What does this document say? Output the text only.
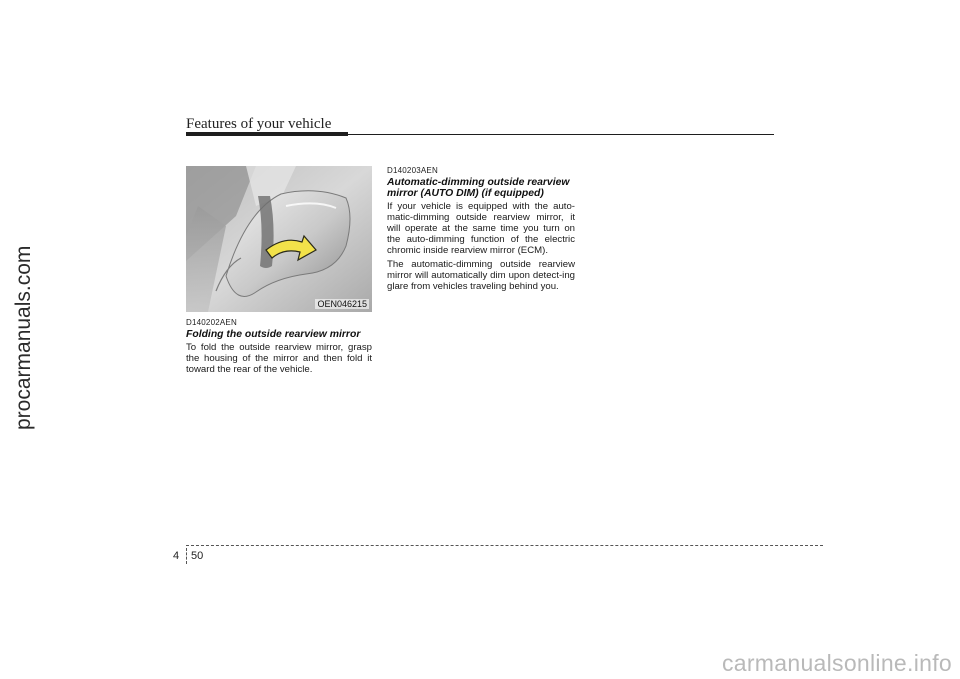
procarmanuals.com
Features of your vehicle
OEN046215
D140202AEN
Folding the outside rearview mirror

To fold the outside rearview mirror, grasp the housing of the mirror and then fold it toward the rear of the vehicle.

D140203AEN
Automatic-dimming outside rearview mirror (AUTO DIM) (if equipped)

If your vehicle is equipped with the auto-matic-dimming outside rearview mirror, it will operate at the same time you turn on the auto-dimming function of the electric chromic inside rearview mirror (ECM).

The automatic-dimming outside rearview mirror will automatically dim upon detect-ing glare from vehicles traveling behind you.

4 50
carmanualsonline.info
